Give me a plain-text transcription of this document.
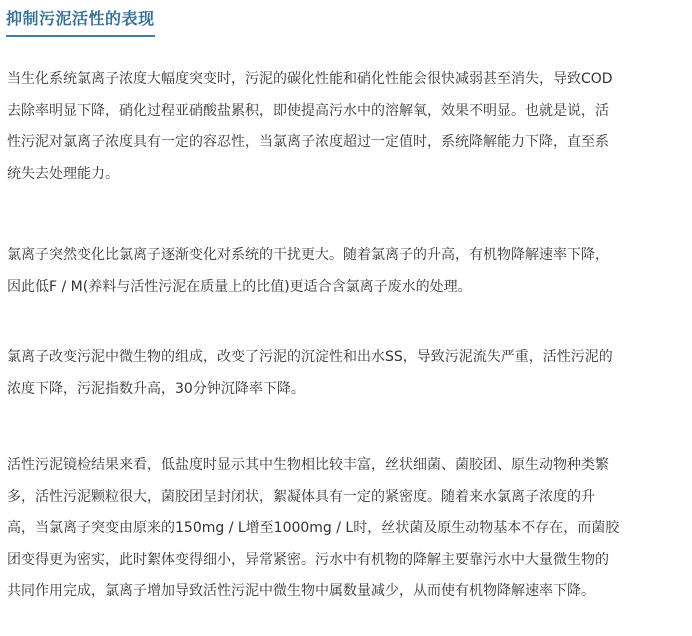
抑制污泥活性的表现
当生化系统氯离子浓度大幅度突变时，污泥的碳化性能和硝化性能会很快减弱甚至消失，导致COD
去除率明显下降，硝化过程亚硝酸盐累积，即使提高污水中的溶解氧，效果不明显。也就是说，活
性污泥对氯离子浓度具有一定的容忍性，当氯离子浓度超过一定值时，系统降解能力下降，直至系
统失去处理能力。
氯离子突然变化比氯离子逐渐变化对系统的干扰更大。随着氯离子的升高，有机物降解速率下降，
因此低F / M(养料与活性污泥在质量上的比值)更适合含氯离子废水的处理。
氯离子改变污泥中微生物的组成，改变了污泥的沉淀性和出水SS，导致污泥流失严重，活性污泥的
浓度下降，污泥指数升高，30分钟沉降率下降。
活性污泥镜检结果来看，低盐度时显示其中生物相比较丰富，丝状细菌、菌胶团、原生动物种类繁
多，活性污泥颗粒很大，菌胶团呈封闭状，絮凝体具有一定的紧密度。随着来水氯离子浓度的升
高，当氯离子突变由原来的150mg / L增至1000mg / L时，丝状菌及原生动物基本不存在，而菌胶
团变得更为密实，此时絮体变得细小，异常紧密。污水中有机物的降解主要靠污水中大量微生物的
共同作用完成，氯离子增加导致活性污泥中微生物中属数量减少，从而使有机物降解速率下降。
